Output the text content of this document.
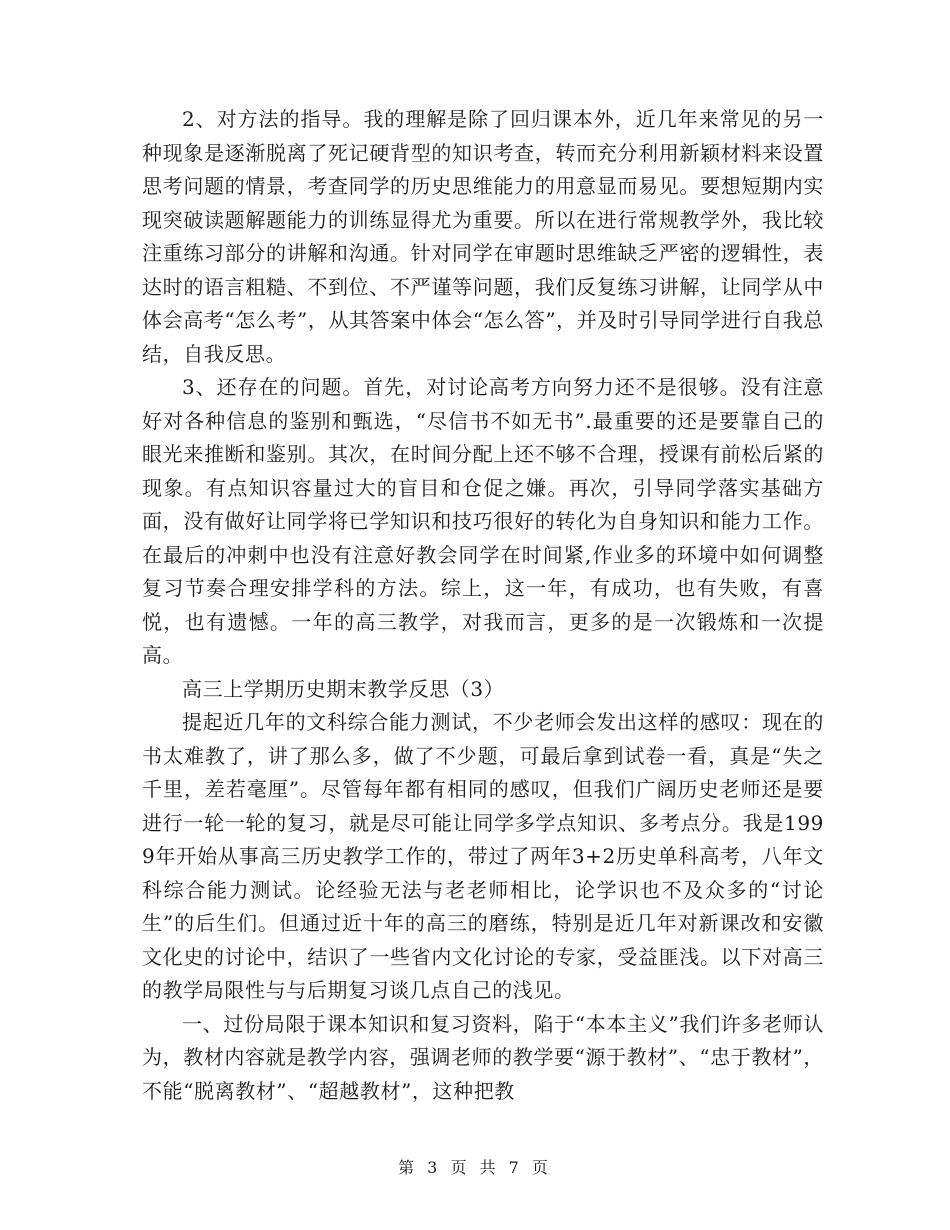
2、对方法的指导。我的理解是除了回归课本外，近几年来常见的另一种现象是逐渐脱离了死记硬背型的知识考查，转而充分利用新颖材料来设置思考问题的情景，考查同学的历史思维能力的用意显而易见。要想短期内实现突破读题解题能力的训练显得尤为重要。所以在进行常规教学外，我比较注重练习部分的讲解和沟通。针对同学在审题时思维缺乏严密的逻辑性，表达时的语言粗糙、不到位、不严谨等问题，我们反复练习讲解，让同学从中体会高考“怎么考”，从其答案中体会“怎么答”，并及时引导同学进行自我总结，自我反思。

3、还存在的问题。首先，对讨论高考方向努力还不是很够。没有注意好对各种信息的鉴别和甄选，“尽信书不如无书”.最重要的还是要靠自己的眼光来推断和鉴别。其次，在时间分配上还不够不合理，授课有前松后紧的现象。有点知识容量过大的盲目和仓促之嫌。再次，引导同学落实基础方面，没有做好让同学将已学知识和技巧很好的转化为自身知识和能力工作。在最后的冲刺中也没有注意好教会同学在时间紧,作业多的环境中如何调整复习节奏合理安排学科的方法。综上，这一年，有成功，也有失败，有喜悦，也有遗憾。一年的高三教学，对我而言，更多的是一次锻炼和一次提高。

高三上学期历史期末教学反思（3）

提起近几年的文科综合能力测试，不少老师会发出这样的感叹：现在的书太难教了，讲了那么多，做了不少题，可最后拿到试卷一看，真是“失之千里，差若毫厘”。尽管每年都有相同的感叹，但我们广阔历史老师还是要进行一轮一轮的复习，就是尽可能让同学多学点知识、多考点分。我是1999年开始从事高三历史教学工作的，带过了两年3+2历史单科高考，八年文科综合能力测试。论经验无法与老老师相比，论学识也不及众多的“讨论生”的后生们。但通过近十年的高三的磨练，特别是近几年对新课改和安徽文化史的讨论中，结识了一些省内文化讨论的专家，受益匪浅。以下对高三的教学局限性与与后期复习谈几点自己的浅见。

一、过份局限于课本知识和复习资料，陷于“本本主义”我们许多老师认为，教材内容就是教学内容，强调老师的教学要“源于教材”、“忠于教材”，不能“脱离教材”、“超越教材”，这种把教

第 3 页 共 7 页
